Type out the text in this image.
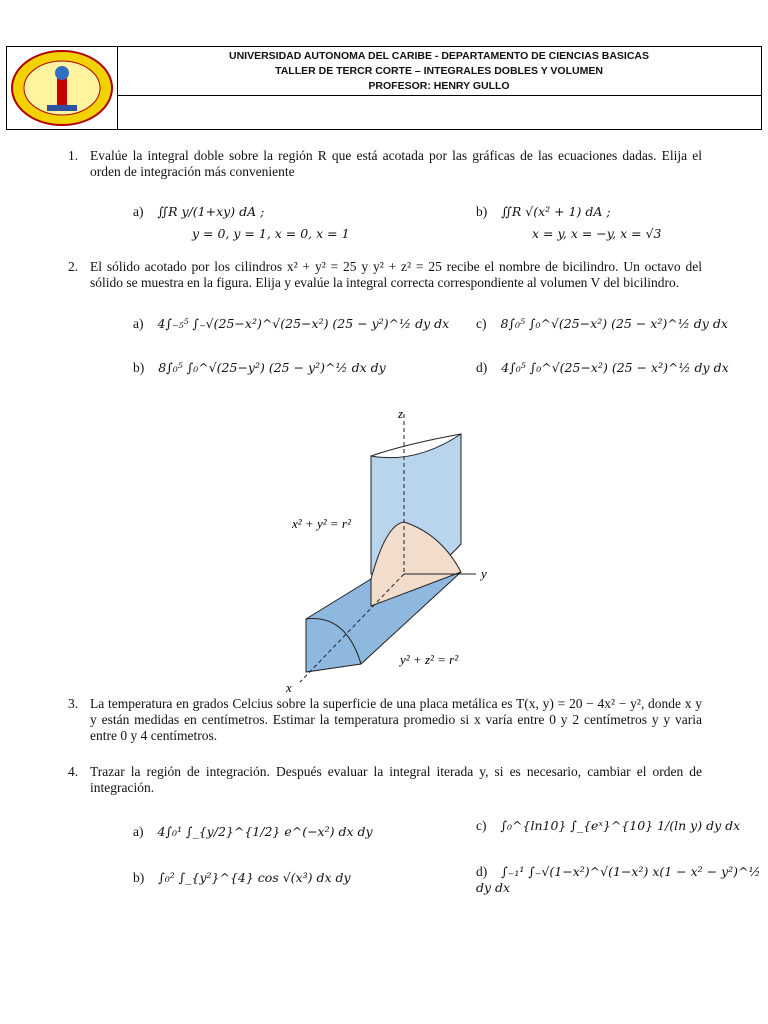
UNIVERSIDAD AUTONOMA DEL CARIBE - DEPARTAMENTO DE CIENCIAS BASICAS
TALLER DE TERCR CORTE – INTEGRALES DOBLES Y VOLUMEN
PROFESOR: HENRY GULLO
1. Evalúe la integral doble sobre la región R que está acotada por las gráficas de las ecuaciones dadas. Elija el orden de integración más conveniente
a) ∬R y/(1+xy) dA ;
y = 0, y = 1, x = 0, x = 1
b) ∬R √(x² + 1) dA ;
x = y, x = −y, x = √3
2. El sólido acotado por los cilindros x² + y² = 25 y y² + z² = 25 recibe el nombre de bicilindro. Un octavo del sólido se muestra en la figura. Elija y evalúe la integral correcta correspondiente al volumen V del bicilindro.
a) 4∫₋₅⁵ ∫₋√(25−x²)^√(25−x²) (25 − y²)^½ dy dx c) 8∫₀⁵ ∫₀^√(25−x²) (25 − x²)^½ dy dx
b) 8∫₀⁵ ∫₀^√(25−y²) (25 − y²)^½ dx dy	d) 4∫₀⁵ ∫₀^√(25−x²) (25 − x²)^½ dy dx
z
y
x
x² + y² = r²
y² + z² = r²
3. La temperatura en grados Celcius sobre la superficie de una placa metálica es T(x, y) = 20 − 4x² − y², donde x y y están medidas en centímetros. Estimar la temperatura promedio si x varía entre 0 y 2 centímetros y y varia entre 0 y 4 centímetros.
4. Trazar la región de integración. Después evaluar la integral iterada y, si es necesario, cambiar el orden de integración.
a) 4∫₀¹ ∫_{y/2}^{1/2} e^(−x²) dx dy	c) ∫₀^{ln10} ∫_{eˣ}^{10} 1/(ln y) dy dx
b) ∫₀² ∫_{y²}^{4} cos √(x³) dx dy	d) ∫₋₁¹ ∫₋√(1−x²)^√(1−x²) x(1 − x² − y²)^½ dy dx
